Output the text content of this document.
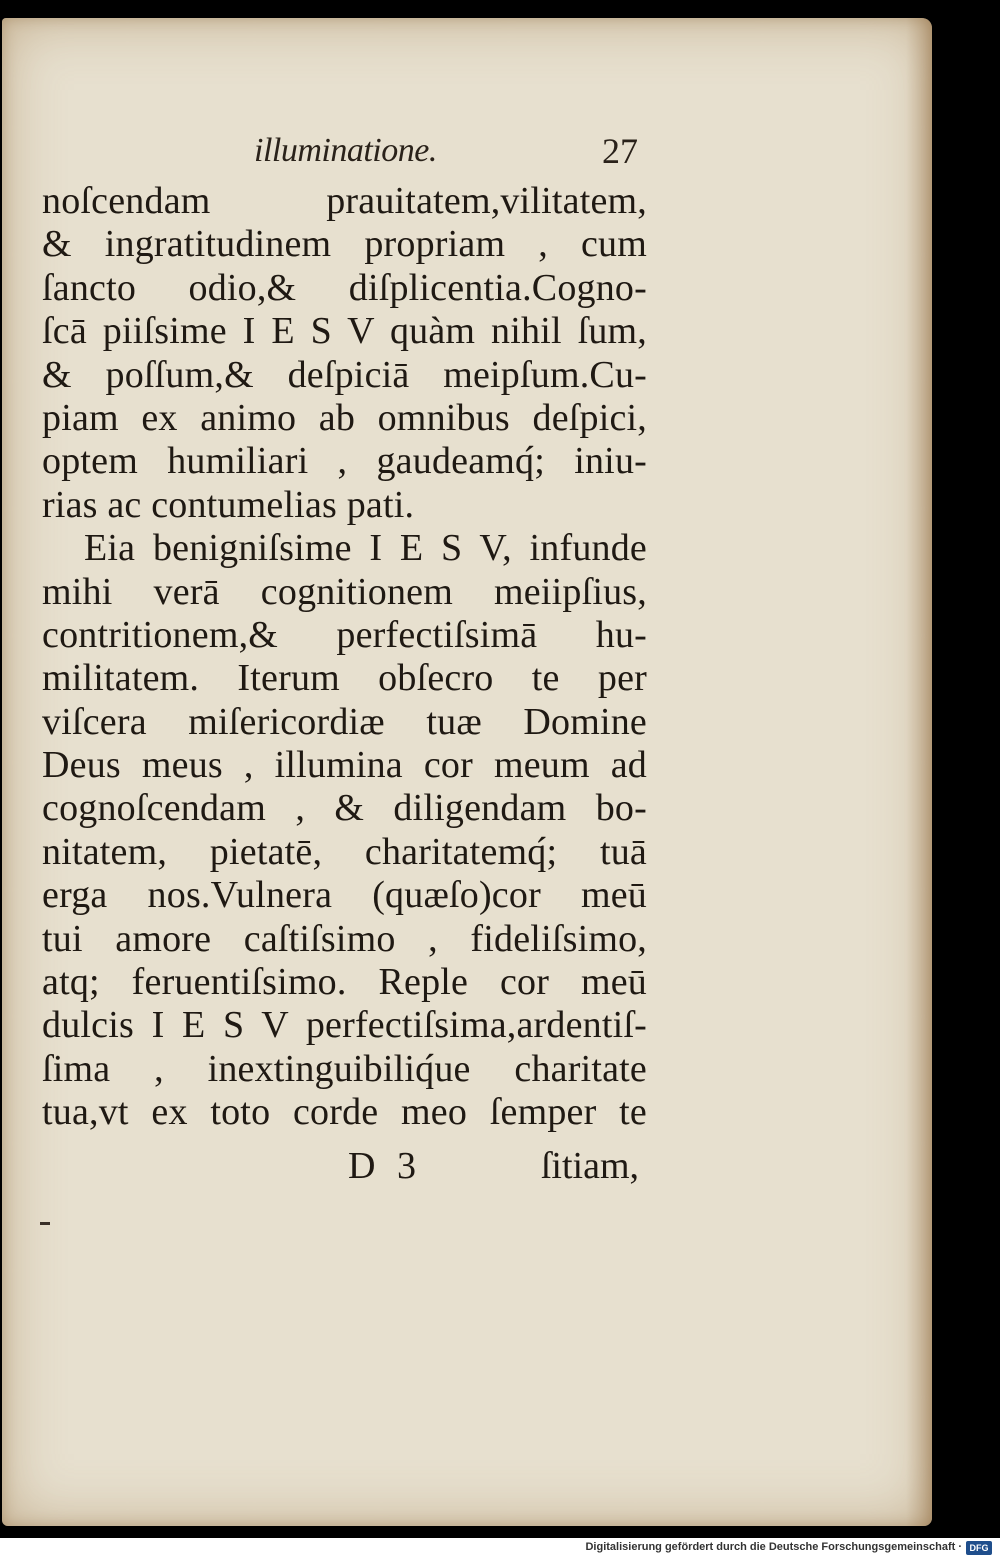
illuminatione.	27
noſcendam prauitatem,vilitatem,
& ingratitudinem propriam , cum
ſancto odio,& diſplicentia.Cogno-
ſcā piiſsime I E S V quàm nihil ſum,
& poſſum,& deſpiciā meipſum.Cu-
piam ex animo ab omnibus deſpici,
optem humiliari , gaudeamq́; iniu-
rias ac contumelias pati.
Eia benigniſsime I E S V, infunde
mihi verā cognitionem meiipſius,
contritionem,& perfectiſsimā hu-
militatem. Iterum obſecro te per
viſcera miſericordiæ tuæ Domine
Deus meus , illumina cor meum ad
cognoſcendam , & diligendam bo-
nitatem, pietatē, charitatemq́; tuā
erga nos.Vulnera (quæſo)cor meū
tui amore caſtiſsimo , fideliſsimo,
atq; feruentiſsimo. Reple cor meū
dulcis I E S V perfectiſsima,ardentiſ-
ſima , inextinguibiliq́ue charitate
tua,vt ex toto corde meo ſemper te
D 3	ſitiam,
Digitalisierung gefördert durch die Deutsche Forschungsgemeinschaft · DFG
